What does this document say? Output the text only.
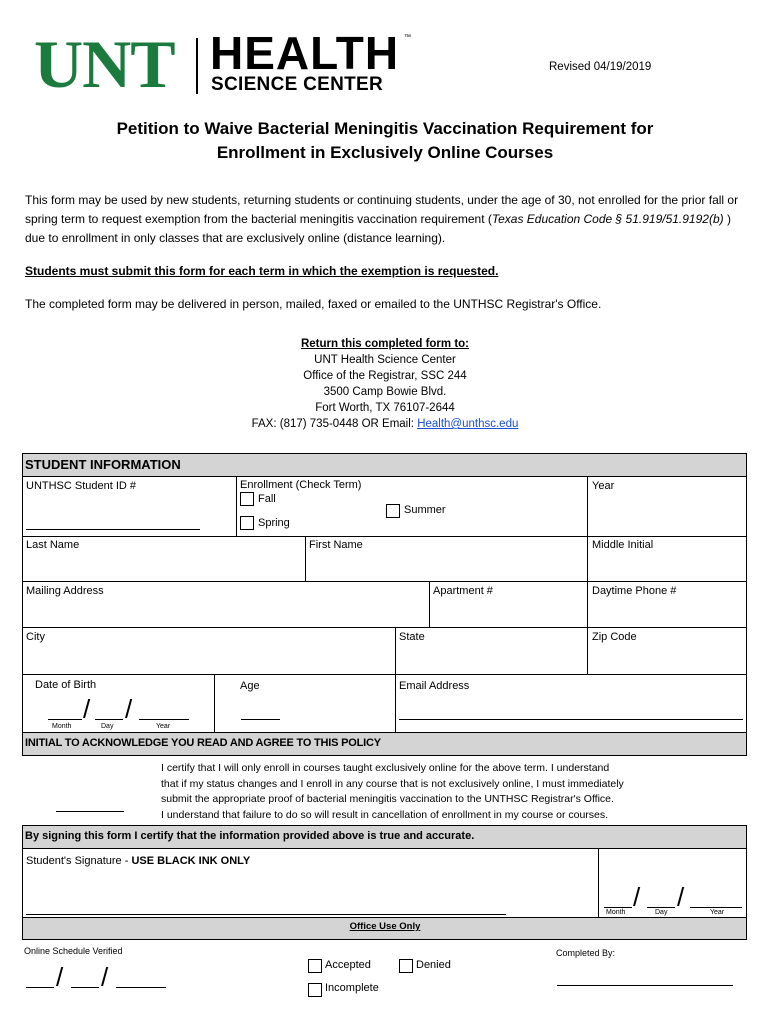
UNT HEALTH ™
SCIENCE CENTER
Revised 04/19/2019
Petition to Waive Bacterial Meningitis Vaccination Requirement for
Enrollment in Exclusively Online Courses
This form may be used by new students, returning students or continuing students, under the age of 30, not enrolled for the prior fall or spring term to request exemption from the bacterial meningitis vaccination requirement (Texas Education Code § 51.919/51.9192(b) ) due to enrollment in only classes that are exclusively online (distance learning).
Students must submit this form for each term in which the exemption is requested.
The completed form may be delivered in person, mailed, faxed or emailed to the UNTHSC Registrar's Office.
Return this completed form to:
UNT Health Science Center
Office of the Registrar, SSC 244
3500 Camp Bowie Blvd.
Fort Worth, TX 76107-2644
FAX: (817) 735-0448 OR Email: Health@unthsc.edu
STUDENT INFORMATION
UNTHSC Student ID #	Enrollment (Check Term)
Fall
Spring
Summer
Year
Last Name	First Name	Middle Initial
Mailing Address	Apartment #	Daytime Phone #
City	State	Zip Code
Date of Birth
/ /
Month	Day	Year
Age	Email Address
INITIAL TO ACKNOWLEDGE YOU READ AND AGREE TO THIS POLICY
I certify that I will only enroll in courses taught exclusively online for the above term. I understand
that if my status changes and I enroll in any course that is not exclusively online, I must immediately
submit the appropriate proof of bacterial meningitis vaccination to the UNTHSC Registrar's Office.
I understand that failure to do so will result in cancellation of enrollment in my course or courses.
By signing this form I certify that the information provided above is true and accurate.
Student's Signature - USE BLACK INK ONLY
/ /
Month	Day	Year
Office Use Only
Online Schedule Verified
/ /	Accepted	Denied
Incomplete
Completed By:
